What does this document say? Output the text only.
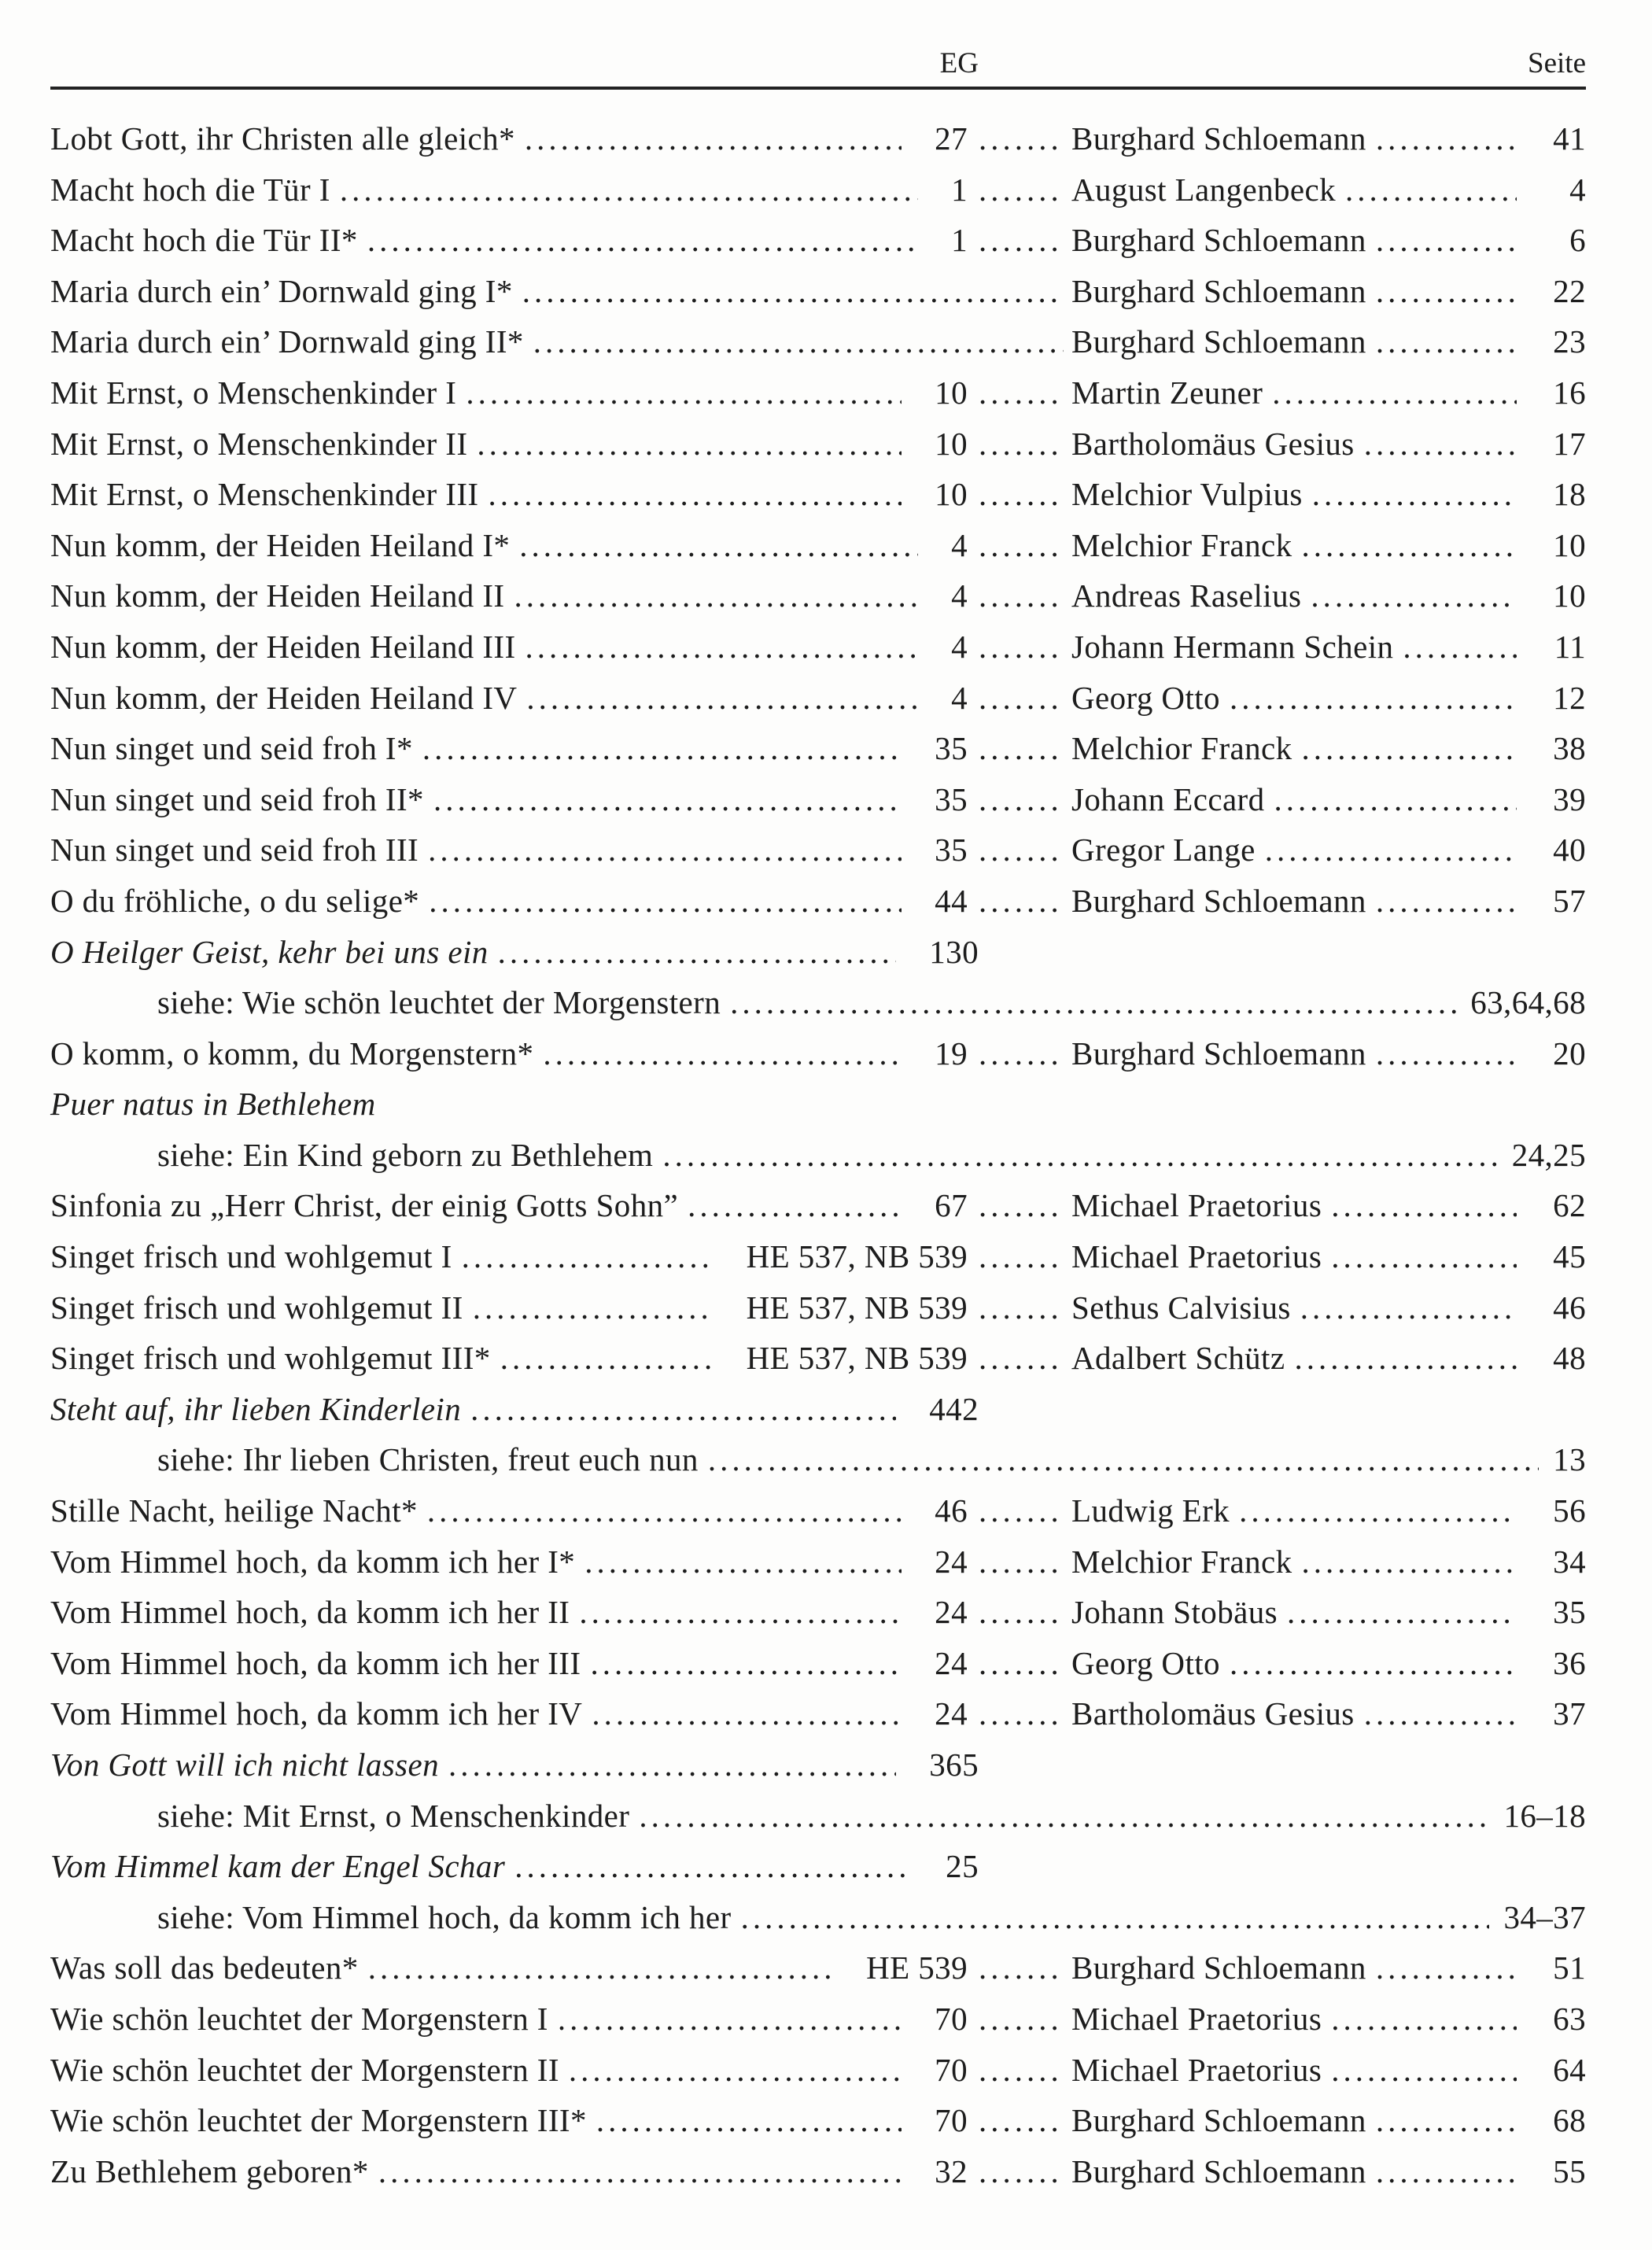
EG	Seite
Lobt Gott, ihr Christen alle gleich* .....	27 .....	Burghard Schloemann .....	41
Macht hoch die Tür I .....	1 .....	August Langenbeck .....	4
Macht hoch die Tür II* .....	1 .....	Burghard Schloemann .....	6
Maria durch ein’ Dornwald ging I* .....	Burghard Schloemann .....	22
Maria durch ein’ Dornwald ging II* .....	Burghard Schloemann .....	23
Mit Ernst, o Menschenkinder I .....	10 .....	Martin Zeuner .....	16
Mit Ernst, o Menschenkinder II .....	10 .....	Bartholomäus Gesius .....	17
Mit Ernst, o Menschenkinder III .....	10 .....	Melchior Vulpius .....	18
Nun komm, der Heiden Heiland I* .....	4 .....	Melchior Franck .....	10
Nun komm, der Heiden Heiland II .....	4 .....	Andreas Raselius .....	10
Nun komm, der Heiden Heiland III .....	4 .....	Johann Hermann Schein .....	11
Nun komm, der Heiden Heiland IV .....	4 .....	Georg Otto .....	12
Nun singet und seid froh I* .....	35 .....	Melchior Franck .....	38
Nun singet und seid froh II* .....	35 .....	Johann Eccard .....	39
Nun singet und seid froh III .....	35 .....	Gregor Lange .....	40
O du fröhliche, o du selige* .....	44 .....	Burghard Schloemann .....	57
O Heilger Geist, kehr bei uns ein .....	130
siehe: Wie schön leuchtet der Morgenstern .....	63,64,68
O komm, o komm, du Morgenstern* .....	19 .....	Burghard Schloemann .....	20
Puer natus in Bethlehem
siehe: Ein Kind geborn zu Bethlehem .....	24,25
Sinfonia zu „Herr Christ, der einig Gotts Sohn” .....	67 .....	Michael Praetorius .....	62
Singet frisch und wohlgemut I .....	HE 537, NB 539 .....	Michael Praetorius .....	45
Singet frisch und wohlgemut II .....	HE 537, NB 539 .....	Sethus Calvisius .....	46
Singet frisch und wohlgemut III* .....	HE 537, NB 539 .....	Adalbert Schütz .....	48
Steht auf, ihr lieben Kinderlein .....	442
siehe: Ihr lieben Christen, freut euch nun .....	13
Stille Nacht, heilige Nacht* .....	46 .....	Ludwig Erk .....	56
Vom Himmel hoch, da komm ich her I* .....	24 .....	Melchior Franck .....	34
Vom Himmel hoch, da komm ich her II .....	24 .....	Johann Stobäus .....	35
Vom Himmel hoch, da komm ich her III .....	24 .....	Georg Otto .....	36
Vom Himmel hoch, da komm ich her IV .....	24 .....	Bartholomäus Gesius .....	37
Von Gott will ich nicht lassen .....	365
siehe: Mit Ernst, o Menschenkinder .....	16–18
Vom Himmel kam der Engel Schar .....	25
siehe: Vom Himmel hoch, da komm ich her .....	34–37
Was soll das bedeuten* .....	HE 539 .....	Burghard Schloemann .....	51
Wie schön leuchtet der Morgenstern I .....	70 .....	Michael Praetorius .....	63
Wie schön leuchtet der Morgenstern II .....	70 .....	Michael Praetorius .....	64
Wie schön leuchtet der Morgenstern III* .....	70 .....	Burghard Schloemann .....	68
Zu Bethlehem geboren* .....	32 .....	Burghard Schloemann .....	55
